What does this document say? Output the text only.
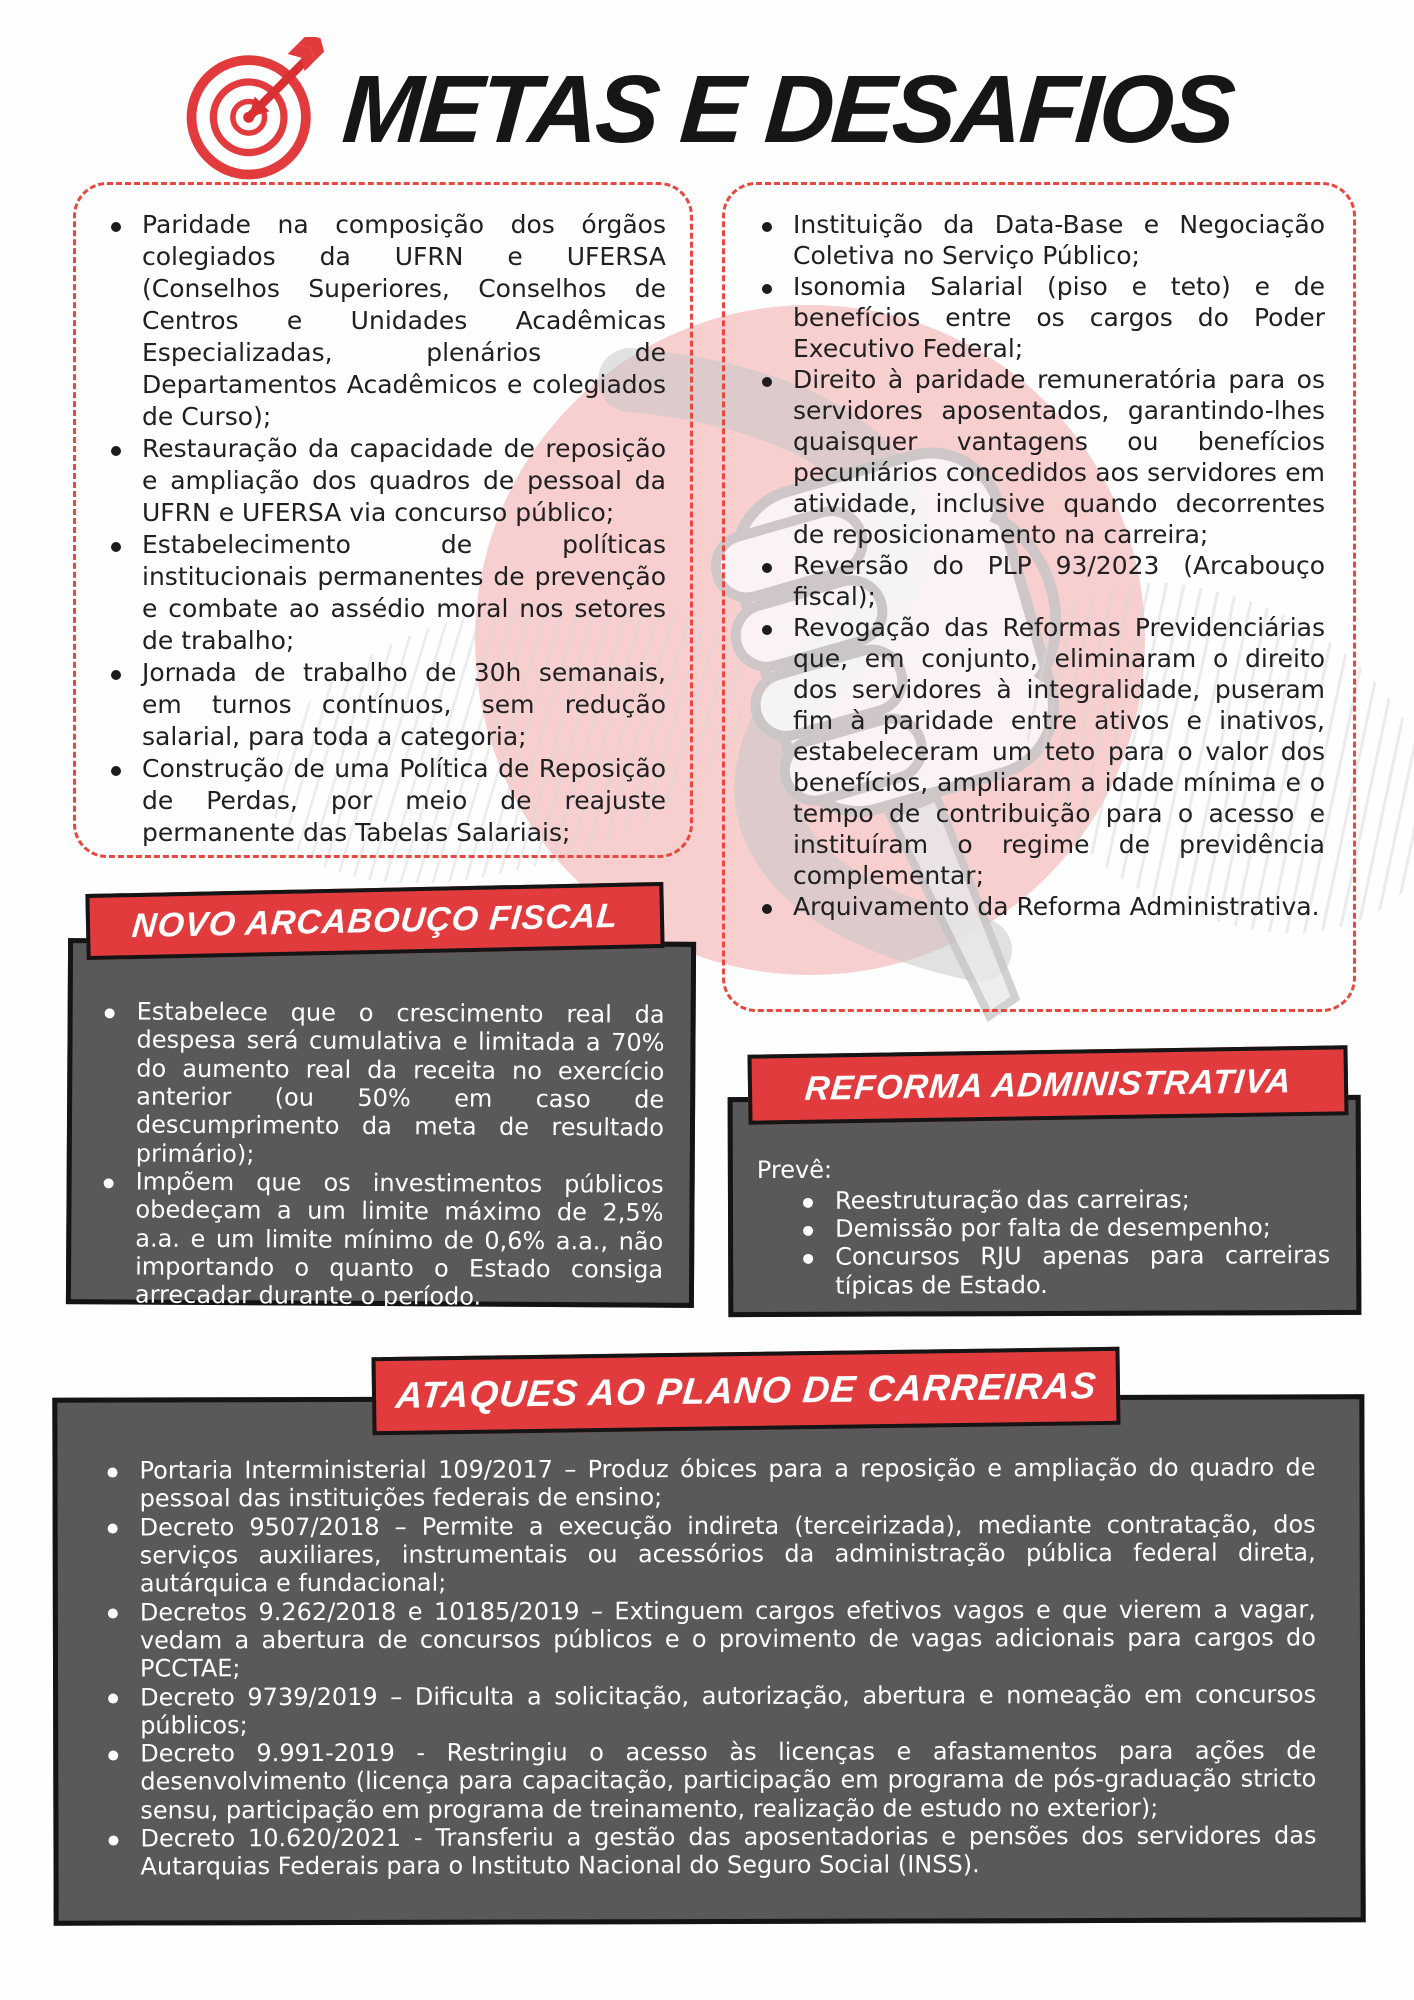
METAS E DESAFIOS
Paridade na composição dos órgãos colegiados da UFRN e UFERSA (Conselhos Superiores, Conselhos de Centros e Unidades Acadêmicas Especializadas, plenários de Departamentos Acadêmicos e colegiados de Curso);
Restauração da capacidade de reposição e ampliação dos quadros de pessoal da UFRN e UFERSA via concurso público;
Estabelecimento de políticas institucionais permanentes de prevenção e combate ao assédio moral nos setores de trabalho;
Jornada de trabalho de 30h semanais, em turnos contínuos, sem redução salarial, para toda a categoria;
Construção de uma Política de Reposição de Perdas, por meio de reajuste permanente das Tabelas Salariais;
Instituição da Data-Base e Negociação Coletiva no Serviço Público;
Isonomia Salarial (piso e teto) e de benefícios entre os cargos do Poder Executivo Federal;
Direito à paridade remuneratória para os servidores aposentados, garantindo-lhes quaisquer vantagens ou benefícios pecuniários concedidos aos servidores em atividade, inclusive quando decorrentes de reposicionamento na carreira;
Reversão do PLP 93/2023 (Arcabouço fiscal);
Revogação das Reformas Previdenciárias que, em conjunto, eliminaram o direito dos servidores à integralidade, puseram fim à paridade entre ativos e inativos, estabeleceram um teto para o valor dos benefícios, ampliaram a idade mínima e o tempo de contribuição para o acesso e instituíram o regime de previdência complementar;
Arquivamento da Reforma Administrativa.
NOVO ARCABOUÇO FISCAL
Estabelece que o crescimento real da despesa será cumulativa e limitada a 70% do aumento real da receita no exercício anterior (ou 50% em caso de descumprimento da meta de resultado primário);
Impõem que os investimentos públicos obedeçam a um limite máximo de 2,5% a.a. e um limite mínimo de 0,6% a.a., não importando o quanto o Estado consiga arrecadar durante o período.
REFORMA ADMINISTRATIVA

Prevê:

Reestruturação das carreiras;
Demissão por falta de desempenho;
Concursos RJU apenas para carreiras típicas de Estado.
ATAQUES AO PLANO DE CARREIRAS
Portaria Interministerial 109/2017 – Produz óbices para a reposição e ampliação do quadro de pessoal das instituições federais de ensino;
Decreto 9507/2018 – Permite a execução indireta (terceirizada), mediante contratação, dos serviços auxiliares, instrumentais ou acessórios da administração pública federal direta, autárquica e fundacional;
Decretos 9.262/2018 e 10185/2019 – Extinguem cargos efetivos vagos e que vierem a vagar, vedam a abertura de concursos públicos e o provimento de vagas adicionais para cargos do PCCTAE;
Decreto 9739/2019 – Dificulta a solicitação, autorização, abertura e nomeação em concursos públicos;
Decreto 9.991-2019 - Restringiu o acesso às licenças e afastamentos para ações de desenvolvimento (licença para capacitação, participação em programa de pós-graduação stricto sensu, participação em programa de treinamento, realização de estudo no exterior);
Decreto 10.620/2021 - Transferiu a gestão das aposentadorias e pensões dos servidores das Autarquias Federais para o Instituto Nacional do Seguro Social (INSS).
